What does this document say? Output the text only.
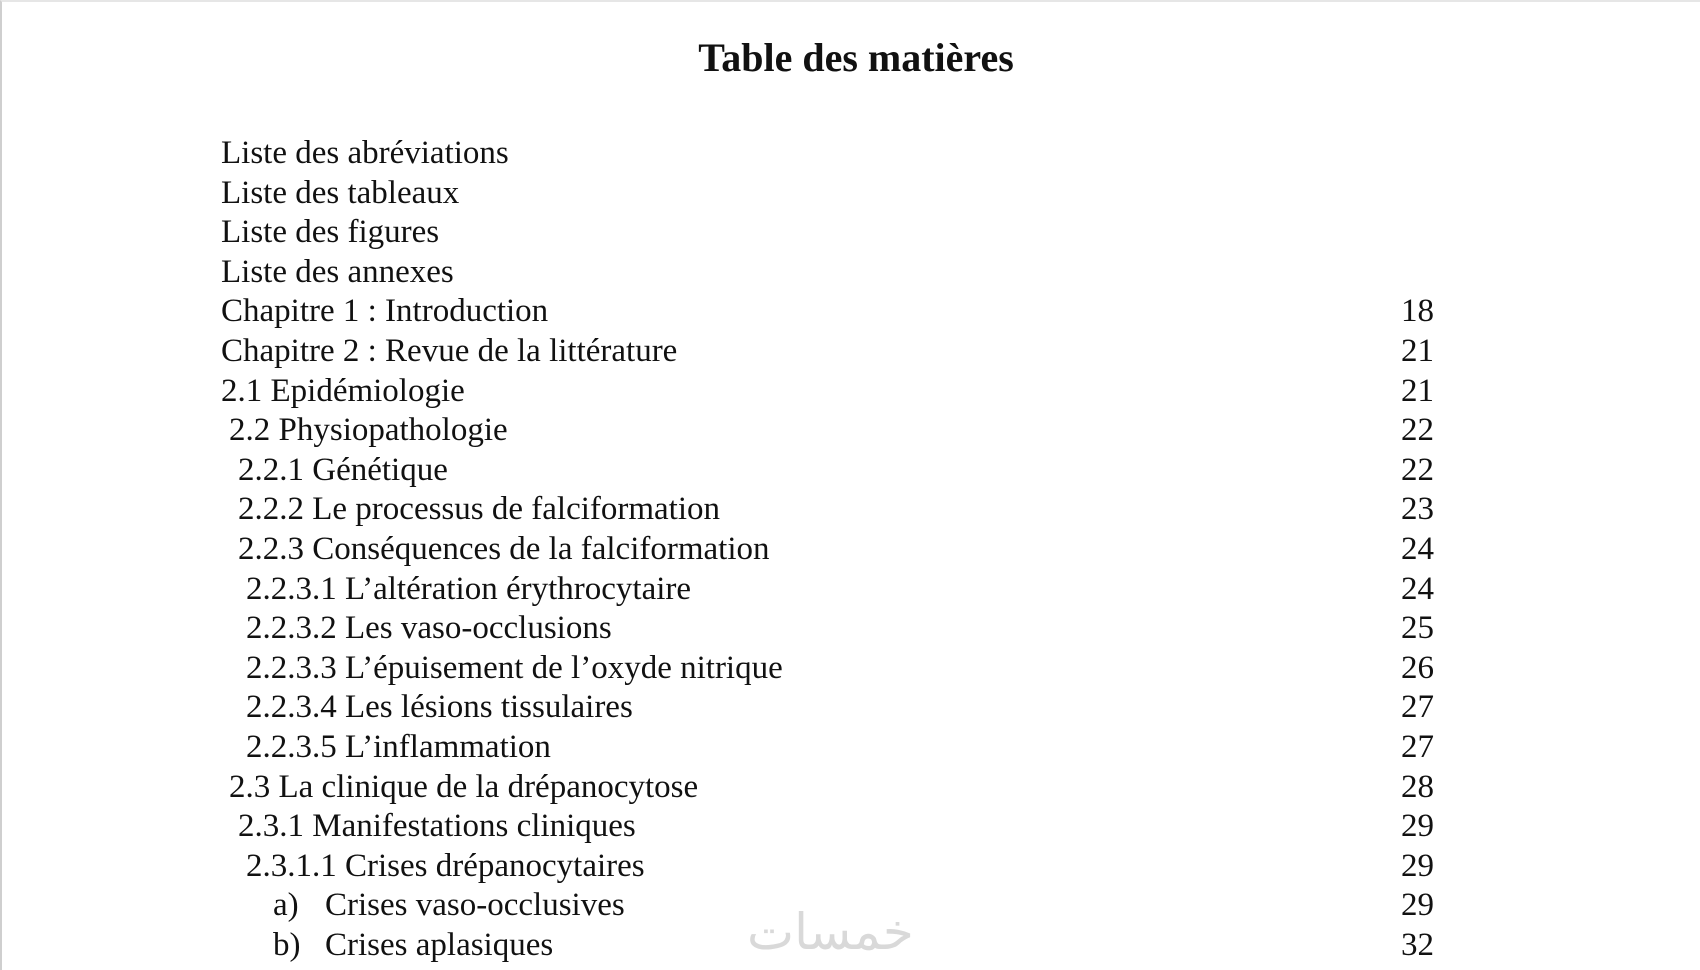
Table des matières
Liste des abréviations
Liste des tableaux
Liste des figures
Liste des annexes
Chapitre 1 : Introduction	18
Chapitre 2 : Revue de la littérature	21
2.1 Epidémiologie	21
2.2 Physiopathologie	22
2.2.1 Génétique	22
2.2.2 Le processus de falciformation	23
2.2.3 Conséquences de la falciformation	24
2.2.3.1 L’altération érythrocytaire	24
2.2.3.2 Les vaso-occlusions	25
2.2.3.3 L’épuisement de l’oxyde nitrique	26
2.2.3.4 Les lésions tissulaires	27
2.2.3.5 L’inflammation	27
2.3 La clinique de la drépanocytose	28
2.3.1 Manifestations cliniques	29
2.3.1.1 Crises drépanocytaires	29
a) Crises vaso-occlusives	29
b) Crises aplasiques	32
خمسات
